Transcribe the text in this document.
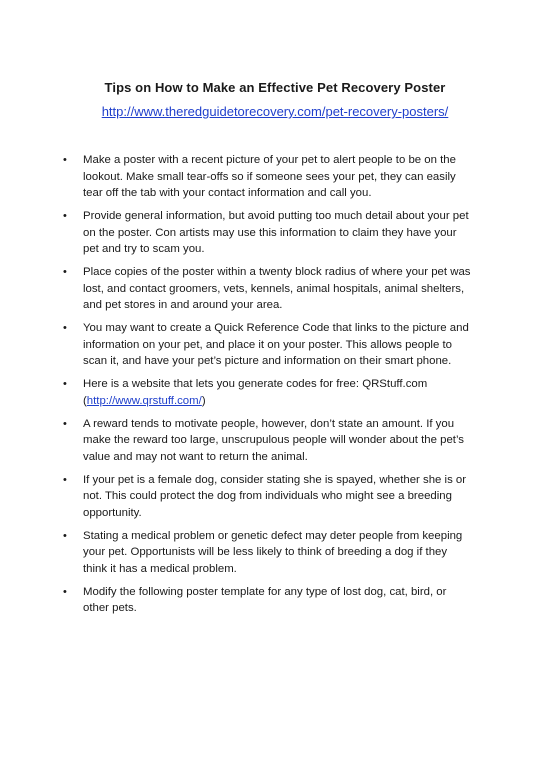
Tips on How to Make an Effective Pet Recovery Poster

http://www.theredguidetorecovery.com/pet-recovery-posters/

• Make a poster with a recent picture of your pet to alert people to be on the lookout. Make small tear-offs so if someone sees your pet, they can easily tear off the tab with your contact information and call you.
• Provide general information, but avoid putting too much detail about your pet on the poster. Con artists may use this information to claim they have your pet and try to scam you.
• Place copies of the poster within a twenty block radius of where your pet was lost, and contact groomers, vets, kennels, animal hospitals, animal shelters, and pet stores in and around your area.
• You may want to create a Quick Reference Code that links to the picture and information on your pet, and place it on your poster. This allows people to scan it, and have your pet’s picture and information on their smart phone.
• Here is a website that lets you generate codes for free: QRStuff.com (http://www.qrstuff.com/)
• A reward tends to motivate people, however, don’t state an amount. If you make the reward too large, unscrupulous people will wonder about the pet’s value and may not want to return the animal.
• If your pet is a female dog, consider stating she is spayed, whether she is or not. This could protect the dog from individuals who might see a breeding opportunity.
• Stating a medical problem or genetic defect may deter people from keeping your pet. Opportunists will be less likely to think of breeding a dog if they think it has a medical problem.
• Modify the following poster template for any type of lost dog, cat, bird, or other pets.
